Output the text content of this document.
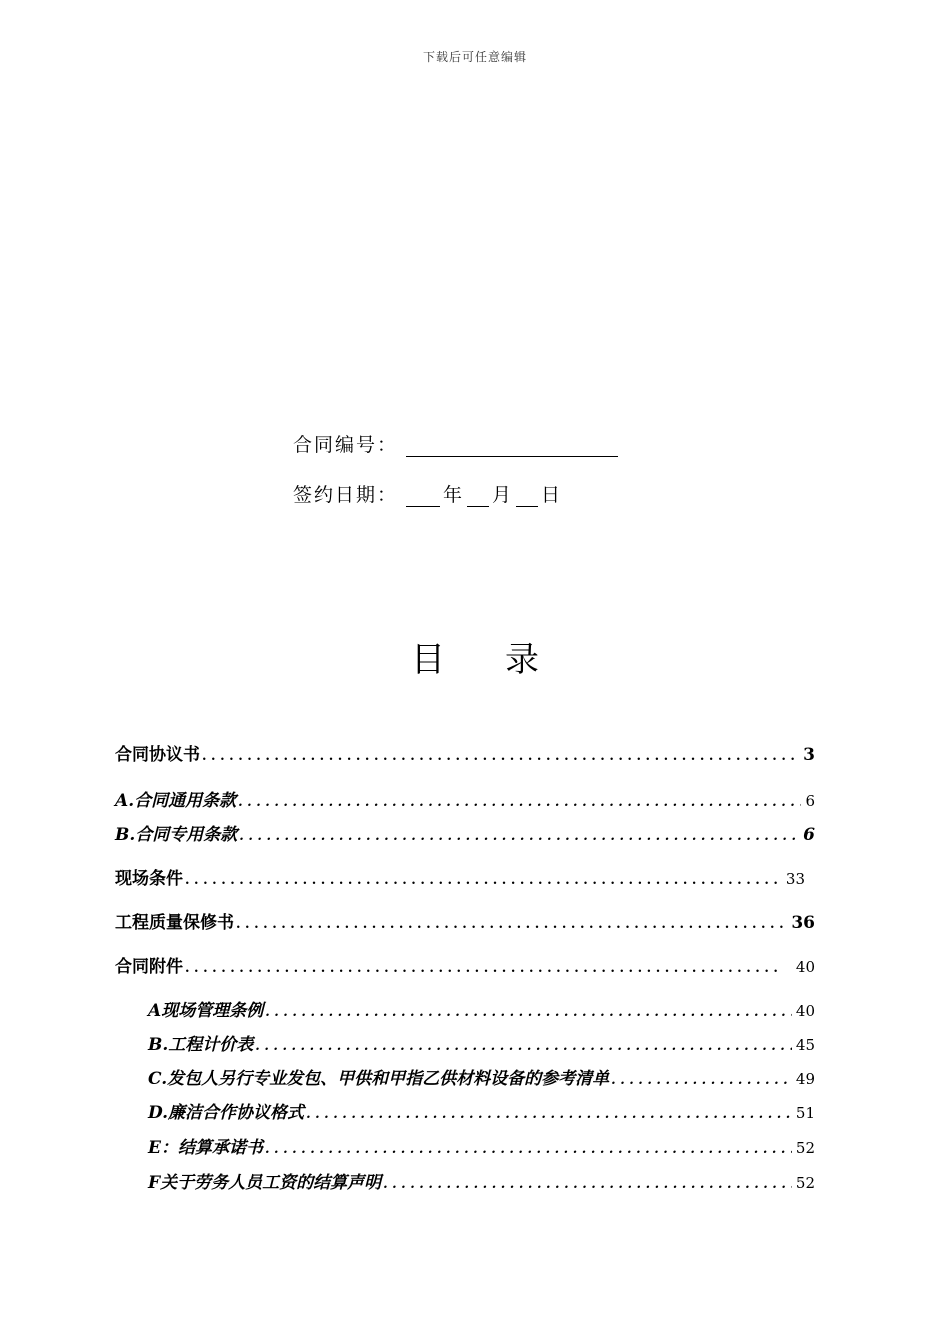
下载后可任意编辑
合同编号：
签约日期： 年 月 日
目 录
合同协议书 . . .	3
A.合同通用条款 . . .	6
B.合同专用条款 . . .	6
现场条件 . . .	33
工程质量保修书 . . .	36
合同附件 . . .	40
A现场管理条例 . . .	40
B.工程计价表 . . .	45
C.发包人另行专业发包、甲供和甲指乙供材料设备的参考清单 . . .	49
D.廉洁合作协议格式 . . .	51
E：结算承诺书 . . .	52
F关于劳务人员工资的结算声明 . . .	52
